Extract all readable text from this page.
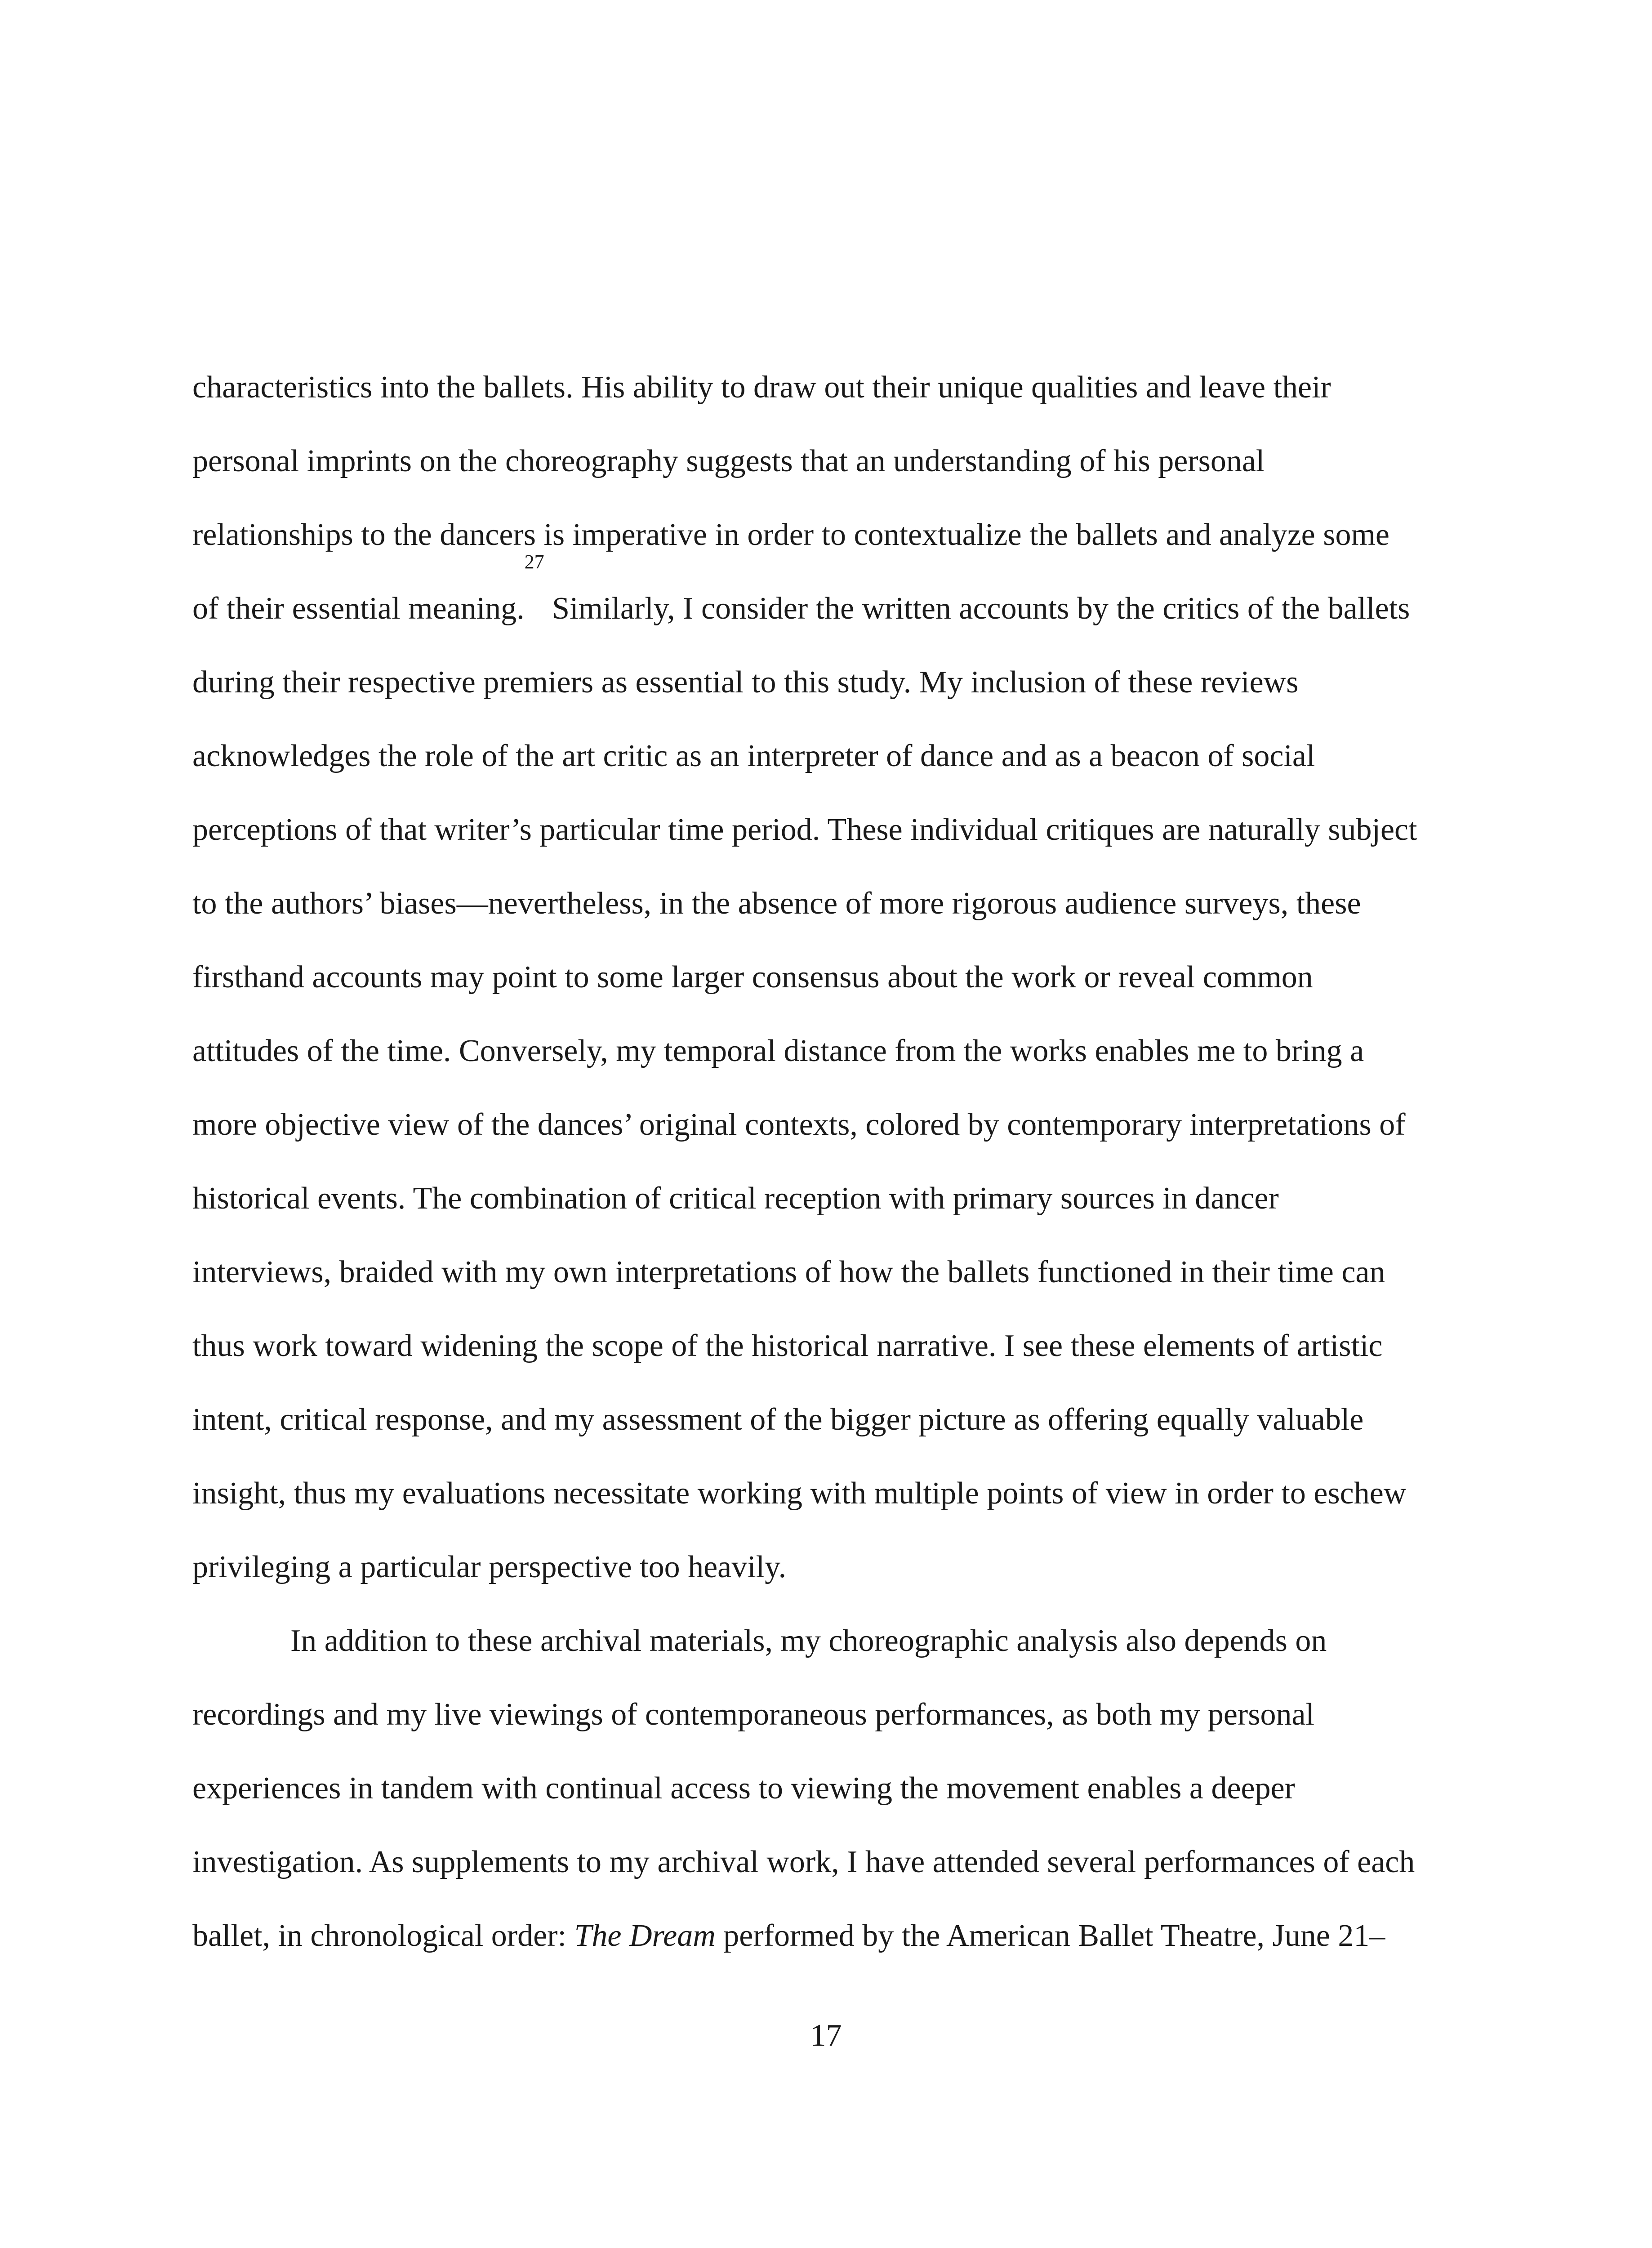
characteristics into the ballets. His ability to draw out their unique qualities and leave their
personal imprints on the choreography suggests that an understanding of his personal
relationships to the dancers is imperative in order to contextualize the ballets and analyze some
of their essential meaning.$^{27}$ Similarly, I consider the written accounts by the critics of the ballets
during their respective premiers as essential to this study. My inclusion of these reviews
acknowledges the role of the art critic as an interpreter of dance and as a beacon of social
perceptions of that writer’s particular time period. These individual critiques are naturally subject
to the authors’ biases—nevertheless, in the absence of more rigorous audience surveys, these
firsthand accounts may point to some larger consensus about the work or reveal common
attitudes of the time. Conversely, my temporal distance from the works enables me to bring a
more objective view of the dances’ original contexts, colored by contemporary interpretations of
historical events. The combination of critical reception with primary sources in dancer
interviews, braided with my own interpretations of how the ballets functioned in their time can
thus work toward widening the scope of the historical narrative. I see these elements of artistic
intent, critical response, and my assessment of the bigger picture as offering equally valuable
insight, thus my evaluations necessitate working with multiple points of view in order to eschew
privileging a particular perspective too heavily.
In addition to these archival materials, my choreographic analysis also depends on
recordings and my live viewings of contemporaneous performances, as both my personal
experiences in tandem with continual access to viewing the movement enables a deeper
investigation. As supplements to my archival work, I have attended several performances of each
ballet, in chronological order: The Dream performed by the American Ballet Theatre, June 21–
17
